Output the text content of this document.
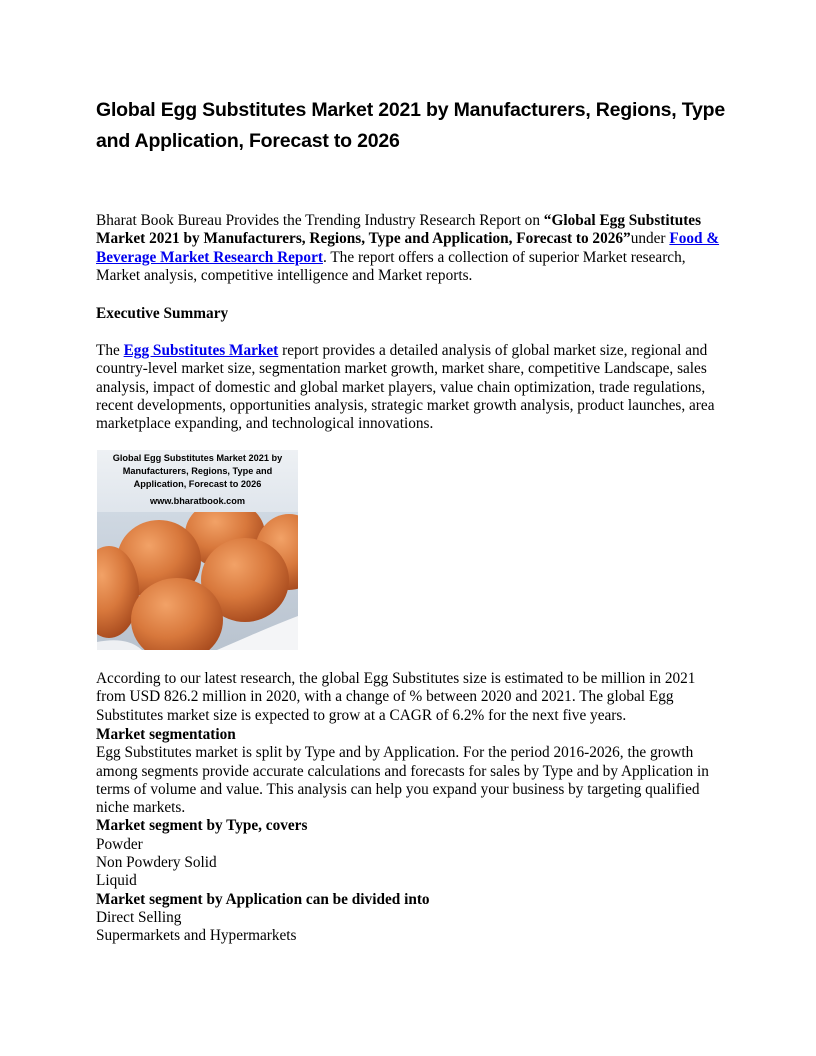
Global Egg Substitutes Market 2021 by Manufacturers, Regions, Type and Application, Forecast to 2026

Bharat Book Bureau Provides the Trending Industry Research Report on “Global Egg Substitutes Market 2021 by Manufacturers, Regions, Type and Application, Forecast to 2026”under Food & Beverage Market Research Report. The report offers a collection of superior Market research, Market analysis, competitive intelligence and Market reports.

Executive Summary

The Egg Substitutes Market report provides a detailed analysis of global market size, regional and country-level market size, segmentation market growth, market share, competitive Landscape, sales analysis, impact of domestic and global market players, value chain optimization, trade regulations, recent developments, opportunities analysis, strategic market growth analysis, product launches, area marketplace expanding, and technological innovations.

Global Egg Substitutes Market 2021 by Manufacturers, Regions, Type and Application, Forecast to 2026
www.bharatbook.com

According to our latest research, the global Egg Substitutes size is estimated to be million in 2021 from USD 826.2 million in 2020, with a change of % between 2020 and 2021. The global Egg Substitutes market size is expected to grow at a CAGR of 6.2% for the next five years.

Market segmentation
Egg Substitutes market is split by Type and by Application. For the period 2016-2026, the growth among segments provide accurate calculations and forecasts for sales by Type and by Application in terms of volume and value. This analysis can help you expand your business by targeting qualified niche markets.
Market segment by Type, covers
Powder
Non Powdery Solid
Liquid
Market segment by Application can be divided into
Direct Selling
Supermarkets and Hypermarkets
